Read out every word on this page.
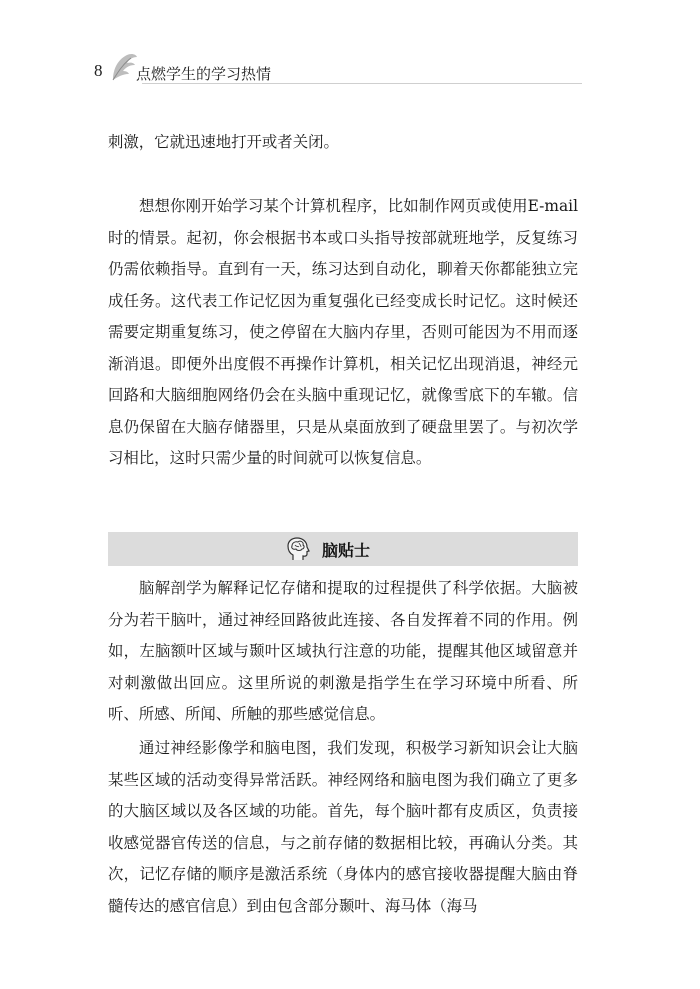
8 点燃学生的学习热情

刺激，它就迅速地打开或者关闭。

想想你刚开始学习某个计算机程序，比如制作网页或使用E-mail时的情景。起初，你会根据书本或口头指导按部就班地学，反复练习仍需依赖指导。直到有一天，练习达到自动化，聊着天你都能独立完成任务。这代表工作记忆因为重复强化已经变成长时记忆。这时候还需要定期重复练习，使之停留在大脑内存里，否则可能因为不用而逐渐消退。即便外出度假不再操作计算机，相关记忆出现消退，神经元回路和大脑细胞网络仍会在头脑中重现记忆，就像雪底下的车辙。信息仍保留在大脑存储器里，只是从桌面放到了硬盘里罢了。与初次学习相比，这时只需少量的时间就可以恢复信息。

脑贴士

脑解剖学为解释记忆存储和提取的过程提供了科学依据。大脑被分为若干脑叶，通过神经回路彼此连接、各自发挥着不同的作用。例如，左脑额叶区域与颞叶区域执行注意的功能，提醒其他区域留意并对刺激做出回应。这里所说的刺激是指学生在学习环境中所看、所听、所感、所闻、所触的那些感觉信息。

通过神经影像学和脑电图，我们发现，积极学习新知识会让大脑某些区域的活动变得异常活跃。神经网络和脑电图为我们确立了更多的大脑区域以及各区域的功能。首先，每个脑叶都有皮质区，负责接收感觉器官传送的信息，与之前存储的数据相比较，再确认分类。其次，记忆存储的顺序是激活系统（身体内的感官接收器提醒大脑由脊髓传达的感官信息）到由包含部分颞叶、海马体（海马
